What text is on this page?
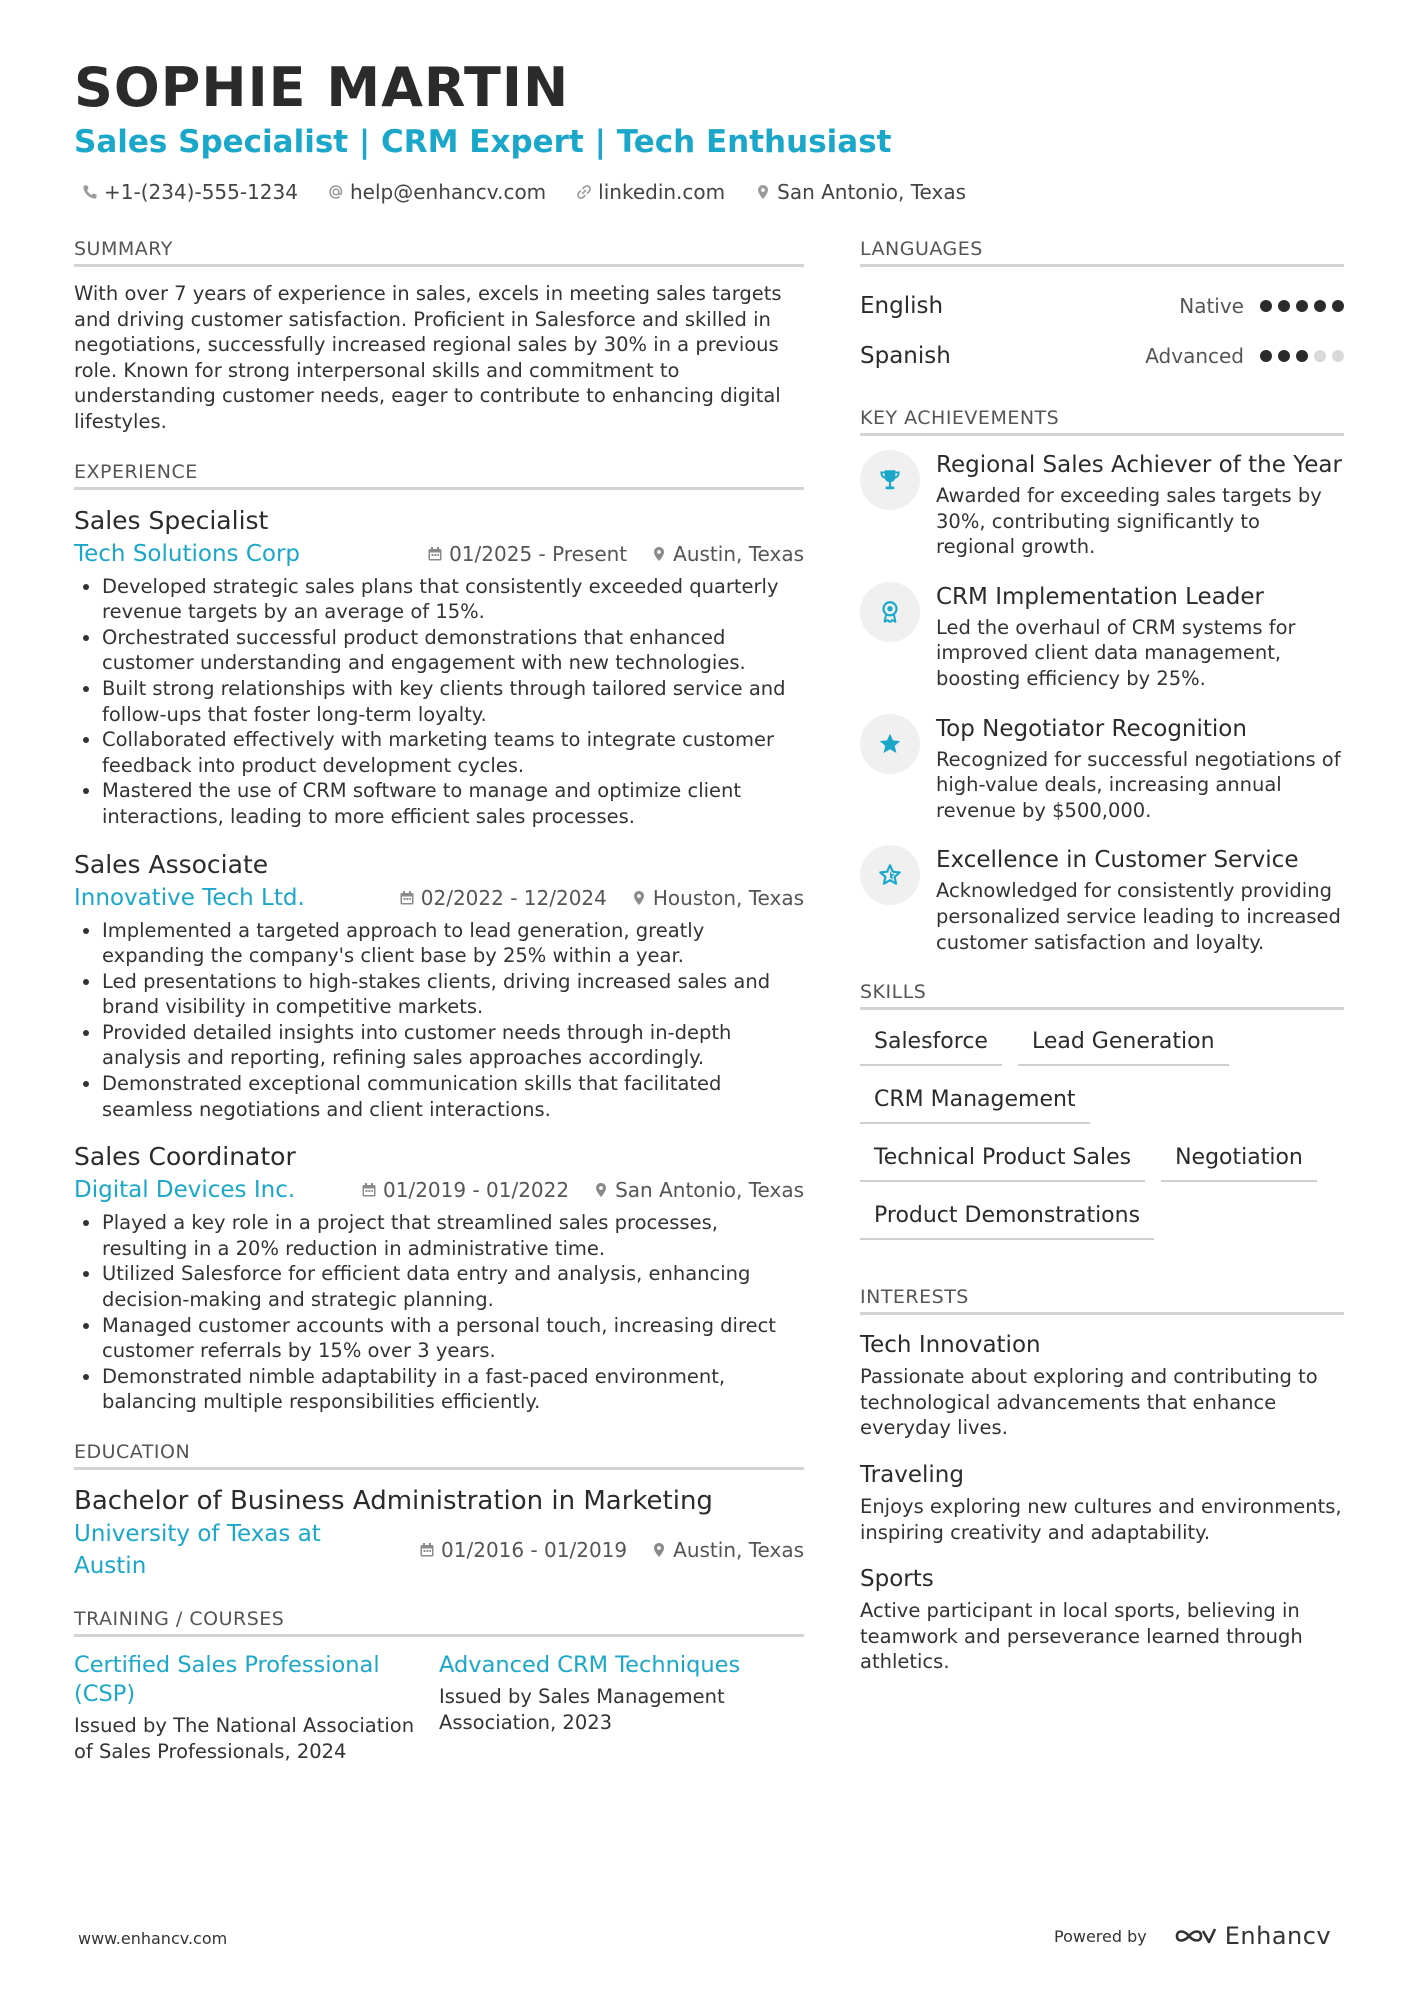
SOPHIE MARTIN
Sales Specialist | CRM Expert | Tech Enthusiast
+1-(234)-555-1234	help@enhancv.com	linkedin.com	San Antonio, Texas
SUMMARY

With over 7 years of experience in sales, excels in meeting sales targets and driving customer satisfaction. Proficient in Salesforce and skilled in negotiations, successfully increased regional sales by 30% in a previous role. Known for strong interpersonal skills and commitment to understanding customer needs, eager to contribute to enhancing digital lifestyles.

EXPERIENCE
Sales Specialist
Tech Solutions Corp	01/2025 - Present Austin, Texas
• Developed strategic sales plans that consistently exceeded quarterly revenue targets by an average of 15%.
• Orchestrated successful product demonstrations that enhanced customer understanding and engagement with new technologies.
• Built strong relationships with key clients through tailored service and follow-ups that foster long-term loyalty.
• Collaborated effectively with marketing teams to integrate customer feedback into product development cycles.
• Mastered the use of CRM software to manage and optimize client interactions, leading to more efficient sales processes.
Sales Associate
Innovative Tech Ltd.	02/2022 - 12/2024 Houston, Texas
• Implemented a targeted approach to lead generation, greatly expanding the company's client base by 25% within a year.
• Led presentations to high-stakes clients, driving increased sales and brand visibility in competitive markets.
• Provided detailed insights into customer needs through in-depth analysis and reporting, refining sales approaches accordingly.
• Demonstrated exceptional communication skills that facilitated seamless negotiations and client interactions.
Sales Coordinator
Digital Devices Inc.	01/2019 - 01/2022 San Antonio, Texas
• Played a key role in a project that streamlined sales processes, resulting in a 20% reduction in administrative time.
• Utilized Salesforce for efficient data entry and analysis, enhancing decision-making and strategic planning.
• Managed customer accounts with a personal touch, increasing direct customer referrals by 15% over 3 years.
• Demonstrated nimble adaptability in a fast-paced environment, balancing multiple responsibilities efficiently.
EDUCATION
Bachelor of Business Administration in Marketing
University of Texas at Austin
01/2016 - 01/2019 Austin, Texas
TRAINING / COURSES
Certified Sales Professional (CSP)
Issued by The National Association of Sales Professionals, 2024
Advanced CRM Techniques
Issued by Sales Management Association, 2023
LANGUAGES
English	Native
Spanish	Advanced
KEY ACHIEVEMENTS
Regional Sales Achiever of the Year
Awarded for exceeding sales targets by 30%, contributing significantly to regional growth.
CRM Implementation Leader
Led the overhaul of CRM systems for improved client data management, boosting efficiency by 25%.
Top Negotiator Recognition
Recognized for successful negotiations of high-value deals, increasing annual revenue by $500,000.
Excellence in Customer Service
Acknowledged for consistently providing personalized service leading to increased customer satisfaction and loyalty.
SKILLS
Salesforce	Lead Generation
CRM Management
Technical Product Sales	Negotiation
Product Demonstrations
INTERESTS
Tech Innovation
Passionate about exploring and contributing to technological advancements that enhance everyday lives.
Traveling
Enjoys exploring new cultures and environments, inspiring creativity and adaptability.
Sports
Active participant in local sports, believing in teamwork and perseverance learned through athletics.
www.enhancv.com	Powered by	Enhancv
